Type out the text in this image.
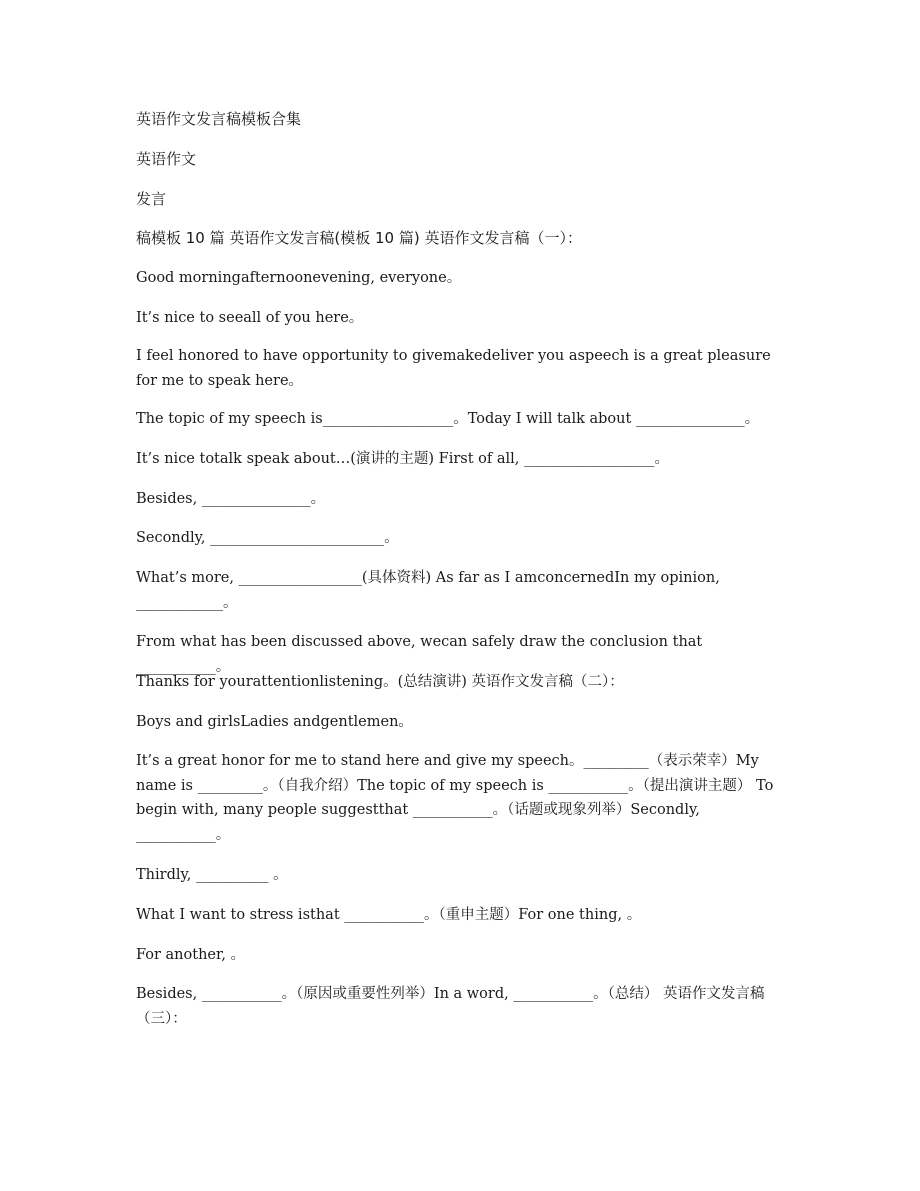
英语作文发言稿模板合集

英语作文

发言

稿模板 10 篇 英语作文发言稿(模板 10 篇) 英语作文发言稿（一）：

Good morningafternoonevening, everyone。

It’s nice to seeall of you here。

I feel honored to have opportunity to givemakedeliver you aspeech is a great pleasure for me to speak here。

The topic of my speech is__________________。Today I will talk about _______________。

It’s nice totalk speak about…(演讲的主题) First of all, __________________。

Besides, _______________。

Secondly, ________________________。

What’s more, _________________(具体资料) As far as I amconcernedIn my opinion, ____________。

From what has been discussed above, wecan safely draw the conclusion that ___________。

Thanks for yourattentionlistening。(总结演讲) 英语作文发言稿（二）：

Boys and girlsLadies andgentlemen。

It’s a great honor for me to stand here and give my speech。_________（表示荣幸）My name is _________。（自我介绍）The topic of my speech is ___________。（提出演讲主题） To begin with, many people suggestthat ___________。（话题或现象列举）Secondly, ___________。

Thirdly, __________ 。

What I want to stress isthat ___________。（重申主题）For one thing, 。

For another, 。

Besides, ___________。（原因或重要性列举）In a word, ___________。（总结） 英语作文发言稿（三）：
